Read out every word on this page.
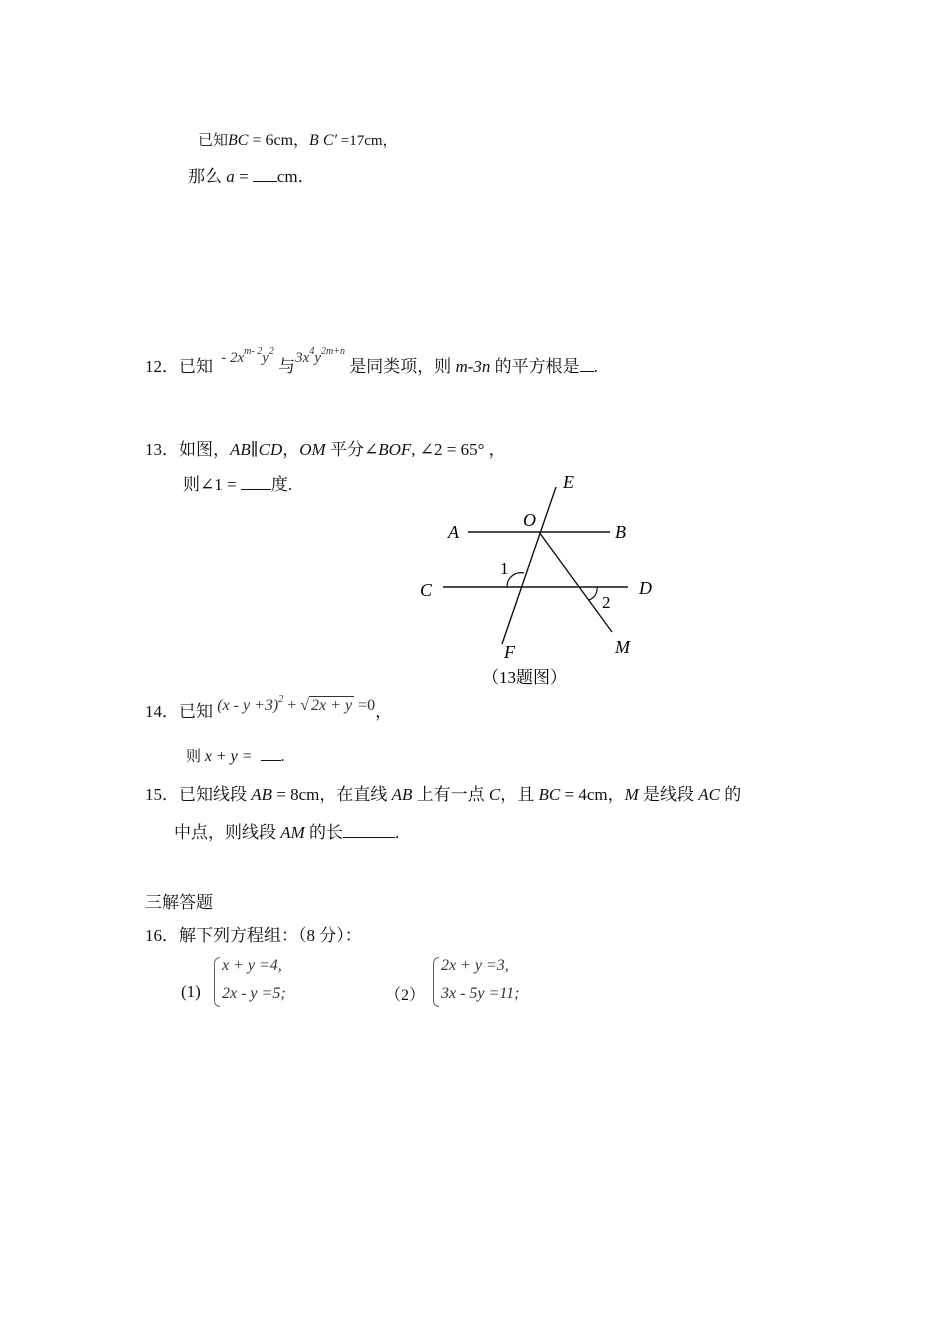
已知BC = 6cm，B C′ =17cm，
那么 a = cm．
12．已知 - $2x^{m- 2}y^2$ 与$3x^4y^{2m+n}$ 是同类项，则 m-3n 的平方根是 .
13．如图，AB∥CD，OM 平分∠BOF, ∠2 = 65° ，
则∠1 = 度.	E
O
A	B
1
C	D
2
M
F
（13题图）
14．已知 $(x - y +3)^2$ + √ 2x + y =0，
则 x + y = .
15．已知线段 AB = 8cm，在直线 AB 上有一点 C，且 BC = 4cm，M 是线段 AC 的
中点，则线段 AM 的长	.
三解答题
16．解下列方程组：（8 分）：
(1)
x + y =4,
2x - y =5;	（2）
2x + y =3,
3x - 5y =11;
